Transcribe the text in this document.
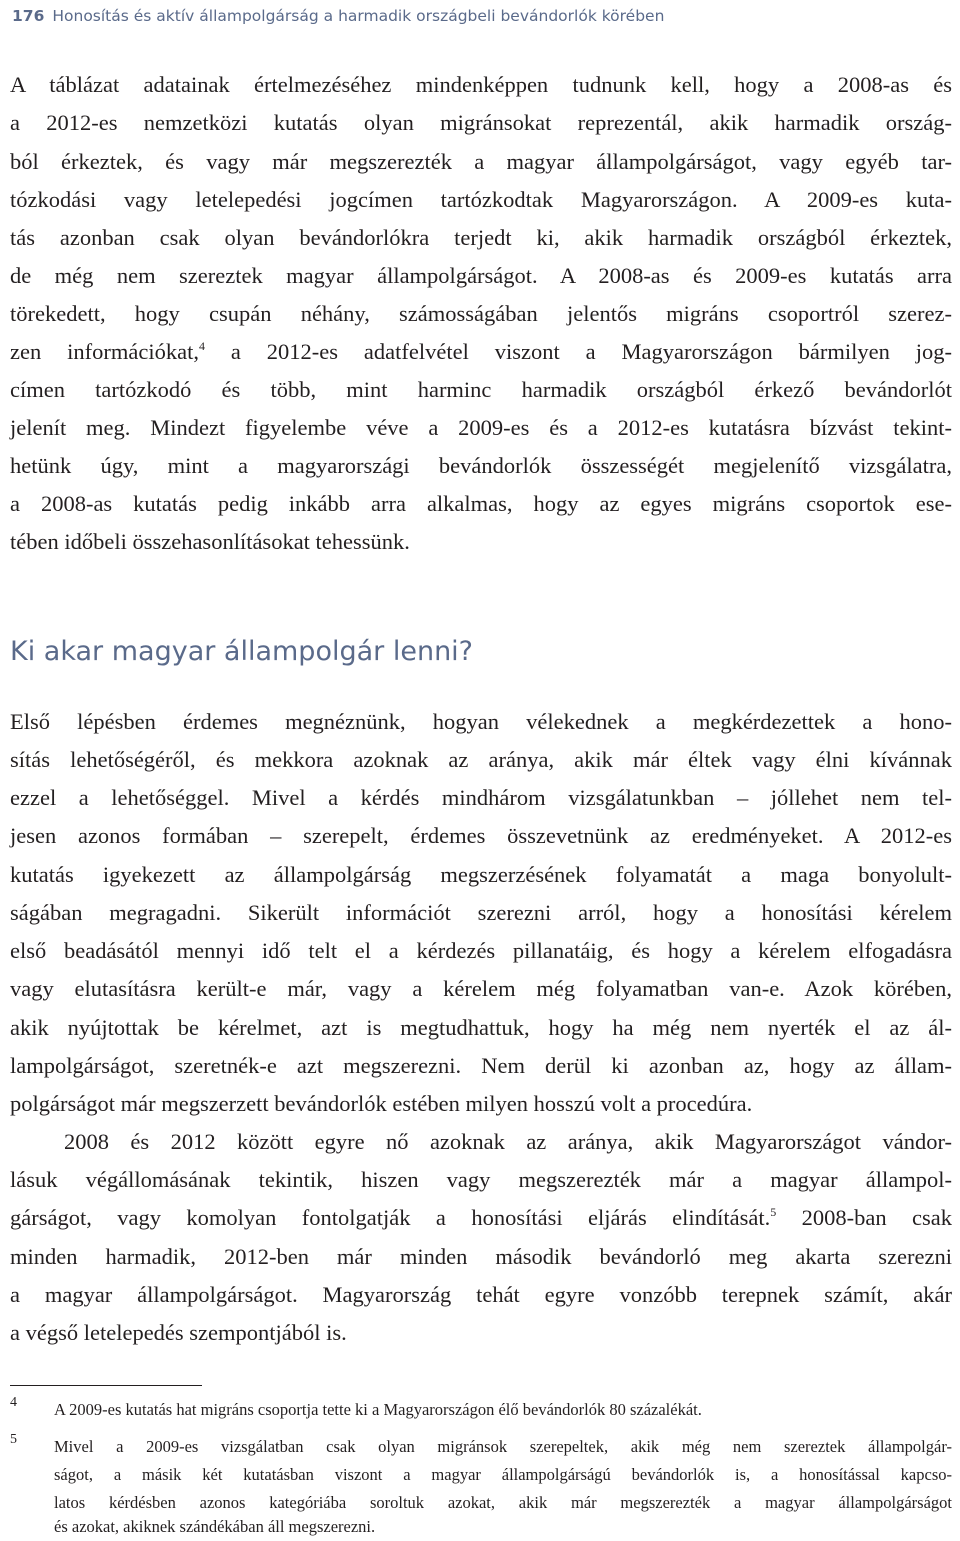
176 Honosítás és aktív állampolgárság a harmadik országbeli bevándorlók körében
A táblázat adatainak értelmezéséhez mindenképpen tudnunk kell, hogy a 2008-as és
a 2012-es nemzetközi kutatás olyan migránsokat reprezentál, akik harmadik ország-
ból érkeztek, és vagy már megszerezték a magyar állampolgárságot, vagy egyéb tar-
tózkodási vagy letelepedési jogcímen tartózkodtak Magyarországon. A 2009-es kuta-
tás azonban csak olyan bevándorlókra terjedt ki, akik harmadik országból érkeztek,
de még nem szereztek magyar állampolgárságot. A 2008-as és 2009-es kutatás arra
törekedett, hogy csupán néhány, számosságában jelentős migráns csoportról szerez-
zen információkat,$^4$ a 2012-es adatfelvétel viszont a Magyarországon bármilyen jog-
címen tartózkodó és több, mint harminc harmadik országból érkező bevándorlót
jelenít meg. Mindezt figyelembe véve a 2009-es és a 2012-es kutatásra bízvást tekint-
hetünk úgy, mint a magyarországi bevándorlók összességét megjelenítő vizsgálatra,
a 2008-as kutatás pedig inkább arra alkalmas, hogy az egyes migráns csoportok ese-
tében időbeli összehasonlításokat tehessünk.
Ki akar magyar állampolgár lenni?
Első lépésben érdemes megnéznünk, hogyan vélekednek a megkérdezettek a hono-
sítás lehetőségéről, és mekkora azoknak az aránya, akik már éltek vagy élni kívánnak
ezzel a lehetőséggel. Mivel a kérdés mindhárom vizsgálatunkban – jóllehet nem tel-
jesen azonos formában – szerepelt, érdemes összevetnünk az eredményeket. A 2012-es
kutatás igyekezett az állampolgárság megszerzésének folyamatát a maga bonyolult-
ságában megragadni. Sikerült információt szerezni arról, hogy a honosítási kérelem
első beadásától mennyi idő telt el a kérdezés pillanatáig, és hogy a kérelem elfogadásra
vagy elutasításra került-e már, vagy a kérelem még folyamatban van-e. Azok körében,
akik nyújtottak be kérelmet, azt is megtudhattuk, hogy ha még nem nyerték el az ál-
lampolgárságot, szeretnék-e azt megszerezni. Nem derül ki azonban az, hogy az állam-
polgárságot már megszerzett bevándorlók estében milyen hosszú volt a procedúra.
2008 és 2012 között egyre nő azoknak az aránya, akik Magyarországot vándor-
lásuk végállomásának tekintik, hiszen vagy megszerezték már a magyar állampol-
gárságot, vagy komolyan fontolgatják a honosítási eljárás elindítását.$^5$ 2008-ban csak
minden harmadik, 2012-ben már minden második bevándorló meg akarta szerezni
a magyar állampolgárságot. Magyarország tehát egyre vonzóbb terepnek számít, akár
a végső letelepedés szempontjából is.
4 A 2009-es kutatás hat migráns csoportja tette ki a Magyarországon élő bevándorlók 80 százalékát.
5 Mivel a 2009-es vizsgálatban csak olyan migránsok szerepeltek, akik még nem szereztek állampolgár-
ságot, a másik két kutatásban viszont a magyar állampolgárságú bevándorlók is, a honosítással kapcso-
latos kérdésben azonos kategóriába soroltuk azokat, akik már megszerezték a magyar állampolgárságot
és azokat, akiknek szándékában áll megszerezni.
